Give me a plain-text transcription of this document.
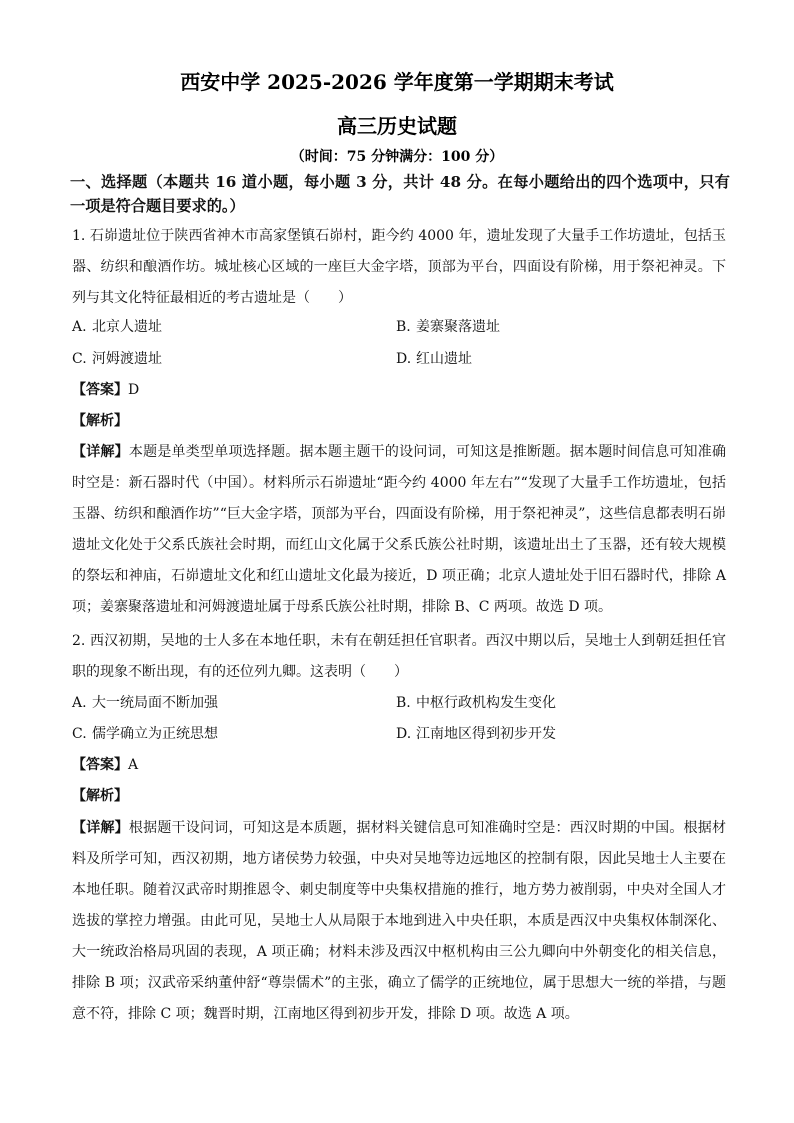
西安中学 2025-2026 学年度第一学期期末考试
高三历史试题
（时间：75 分钟满分：100 分）
一、选择题（本题共 16 道小题，每小题 3 分，共计 48 分。在每小题给出的四个选项中，只有一项是符合题目要求的。）
1. 石峁遗址位于陕西省神木市高家堡镇石峁村，距今约 4000 年，遗址发现了大量手工作坊遗址，包括玉器、纺织和酿酒作坊。城址核心区域的一座巨大金字塔，顶部为平台，四面设有阶梯，用于祭祀神灵。下列与其文化特征最相近的考古遗址是（　　）
A. 北京人遗址	B. 姜寨聚落遗址
C. 河姆渡遗址	D. 红山遗址
【答案】D
【解析】
【详解】本题是单类型单项选择题。据本题主题干的设问词，可知这是推断题。据本题时间信息可知准确时空是：新石器时代（中国）。材料所示石峁遗址“距今约 4000 年左右”“发现了大量手工作坊遗址，包括玉器、纺织和酿酒作坊”“巨大金字塔，顶部为平台，四面设有阶梯，用于祭祀神灵”，这些信息都表明石峁遗址文化处于父系氏族社会时期，而红山文化属于父系氏族公社时期，该遗址出土了玉器，还有较大规模的祭坛和神庙，石峁遗址文化和红山遗址文化最为接近，D 项正确；北京人遗址处于旧石器时代，排除 A 项；姜寨聚落遗址和河姆渡遗址属于母系氏族公社时期，排除 B、C 两项。故选 D 项。
2. 西汉初期，吴地的士人多在本地任职，未有在朝廷担任官职者。西汉中期以后，吴地士人到朝廷担任官职的现象不断出现，有的还位列九卿。这表明（　　）
A. 大一统局面不断加强	B. 中枢行政机构发生变化
C. 儒学确立为正统思想	D. 江南地区得到初步开发
【答案】A
【解析】
【详解】根据题干设问词，可知这是本质题，据材料关键信息可知准确时空是：西汉时期的中国。根据材料及所学可知，西汉初期，地方诸侯势力较强，中央对吴地等边远地区的控制有限，因此吴地士人主要在本地任职。随着汉武帝时期推恩令、刺史制度等中央集权措施的推行，地方势力被削弱，中央对全国人才选拔的掌控力增强。由此可见，吴地士人从局限于本地到进入中央任职，本质是西汉中央集权体制深化、大一统政治格局巩固的表现，A 项正确；材料未涉及西汉中枢机构由三公九卿向中外朝变化的相关信息，排除 B 项；汉武帝采纳董仲舒“尊崇儒术”的主张，确立了儒学的正统地位，属于思想大一统的举措，与题意不符，排除 C 项；魏晋时期，江南地区得到初步开发，排除 D 项。故选 A 项。
